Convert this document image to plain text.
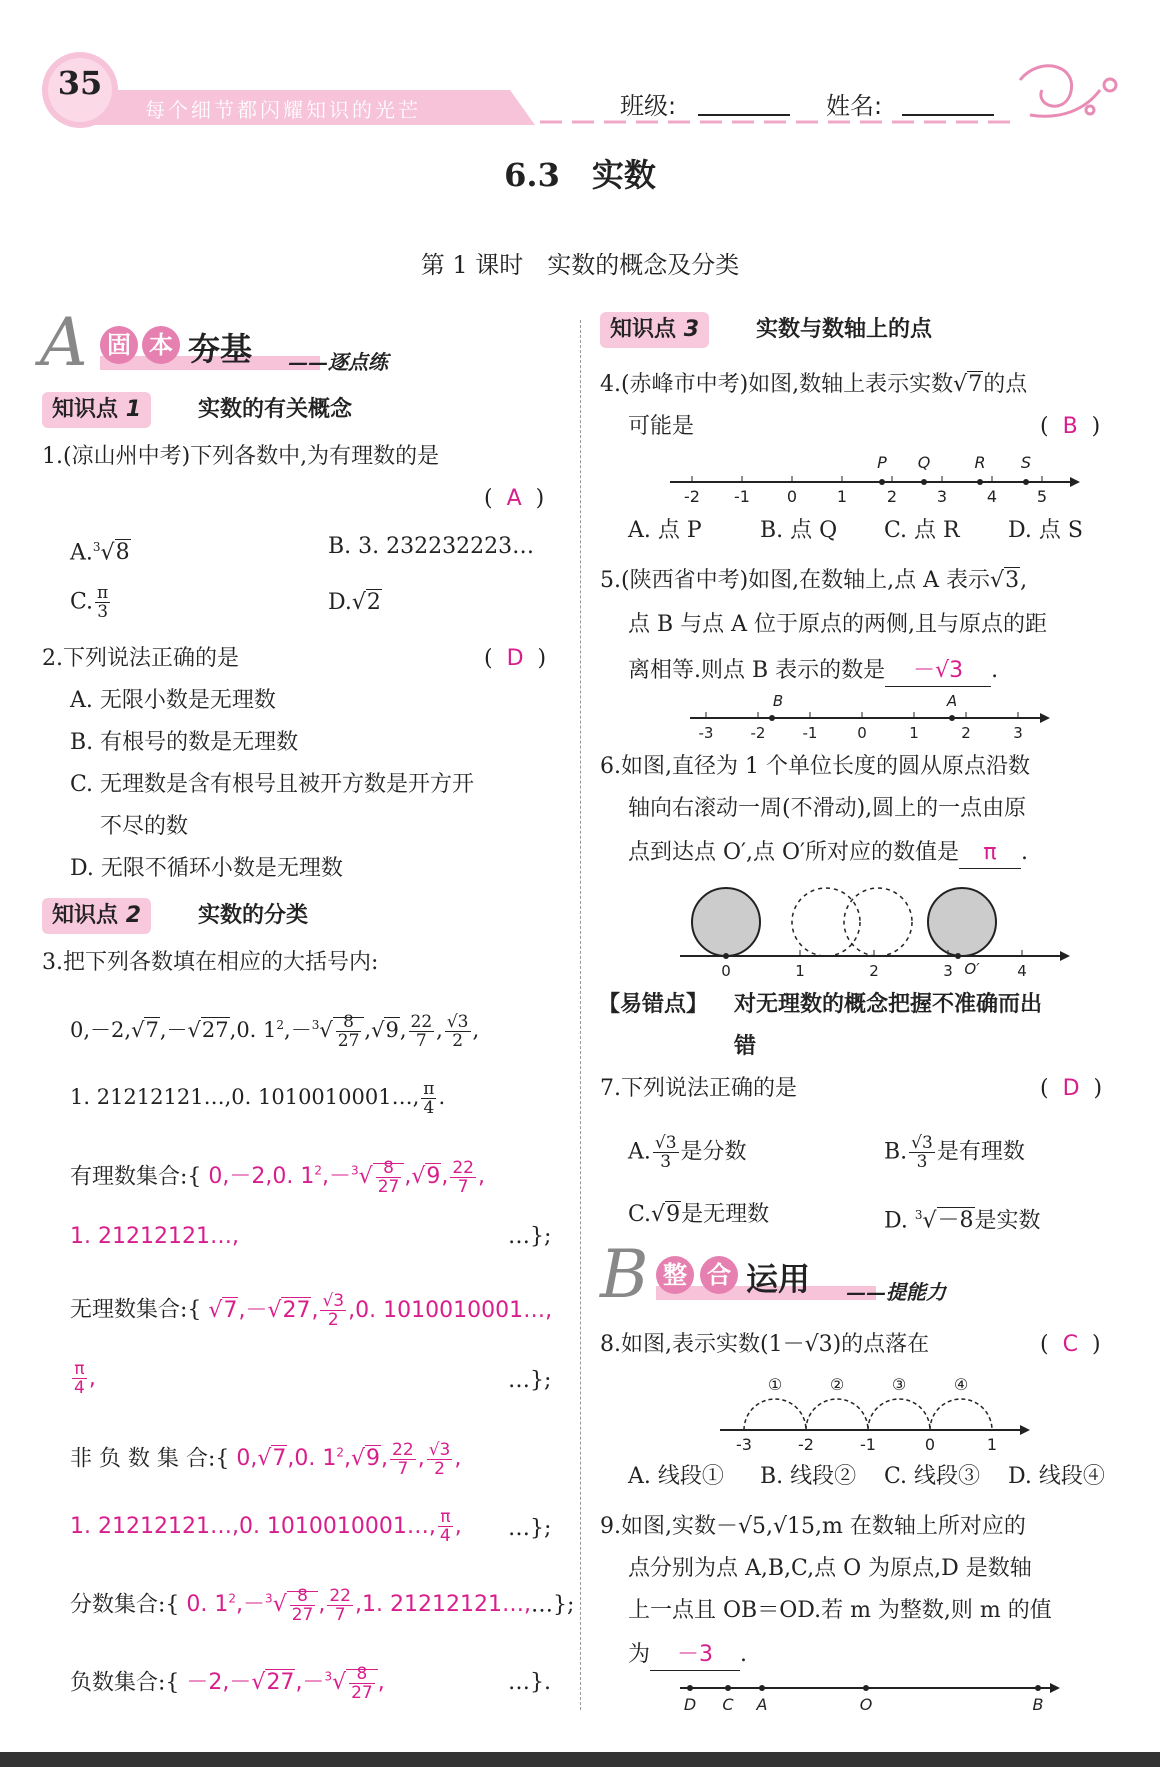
35
每个细节都闪耀知识的光芒	班级:	姓名:
6.3　实数
第 1 课时　实数的概念及分类
A 固 本 夯基 ——逐点练
知识点 1	实数的有关概念
1.(凉山州中考)下列各数中,为有理数的是
(  A  )
A.$^3$√8	B. 3. 232232223…
C. $\frac{\pi}{3}$	D.√2
2.下列说法正确的是	(  D  )
A. 无限小数是无理数
B. 有根号的数是无理数
C. 无理数是含有根号且被开方数是开方开
不尽的数
D. 无限不循环小数是无理数
知识点 2	实数的分类
3.把下列各数填在相应的大括号内:
0,－2,√7,－√27,0. $1^2,-^3√ \frac{8}{27} ,√9$, $\frac{22}{7}$ , $\frac{√3}{2}$ ,
1. 21212121…,0. 1010010001…, $\frac{\pi}{4}$ .
有理数集合:{ 0,－2,0. $1^2,-^3√ \frac{8}{27} ,√9$, $\frac{22}{7}$ ,
1. 21212121…,	…};
无理数集合:{ √7,－√27, $\frac{√3}{2} ,0$. 1010010001…,
$\frac{\pi}{4}$ ,	…};
非 负 数 集 合:{ 0,√7,0. $1^2,√9$, $\frac{22}{7}$ , $\frac{√3}{2}$ ,
1. 21212121…,0. 1010010001…, $\frac{\pi}{4}$ , …};
分数集合:{ 0. $1^2,-^3√ \frac{8}{27}$ , $\frac{22}{7} ,1$. 21212121…,…};
负数集合:{ $-2,-√27,-^3√ \frac{8}{27}$ ,	…}.
知识点 3	实数与数轴上的点
4.(赤峰市中考)如图,数轴上表示实数√7的点
可能是	(  B  )
-2 -1 0 1 2 3 4 5
P Q	R S
A. 点 P	B. 点 Q C. 点 R D. 点 S
5.(陕西省中考)如图,在数轴上,点 A 表示√3,
点 B 与点 A 位于原点的两侧,且与原点的距
离相等.则点 B 表示的数是 －√3 .
-3 -2 -1	0	1	2	3
B	A
6.如图,直径为 1 个单位长度的圆从原点沿数
轴向右滚动一周(不滑动),圆上的一点由原
点到达点 O′,点 O′所对应的数值是 π .
0	1	2	3 O′	4
【易错点】 对无理数的概念把握不准确而出
错
7.下列说法正确的是	(  D  )
A. $\frac{√3}{3}$ 是分数	B. $\frac{√3}{3}$ 是有理数
C.√9是无理数	D. $^3$√－8是实数
B 整 合 运用 ——提能力
8.如图,表示实数(1－√3)的点落在	(  C  )
①	②	③	④
-3	-2	-1	0	1
A. 线段① B. 线段② C. 线段③ D. 线段④
9.如图,实数－√5,√15,m 在数轴上所对应的
点分别为点 A,B,C,点 O 为原点,D 是数轴
上一点且 OB＝OD.若 m 为整数,则 m 的值
为 －3 .
D C A	O	B
